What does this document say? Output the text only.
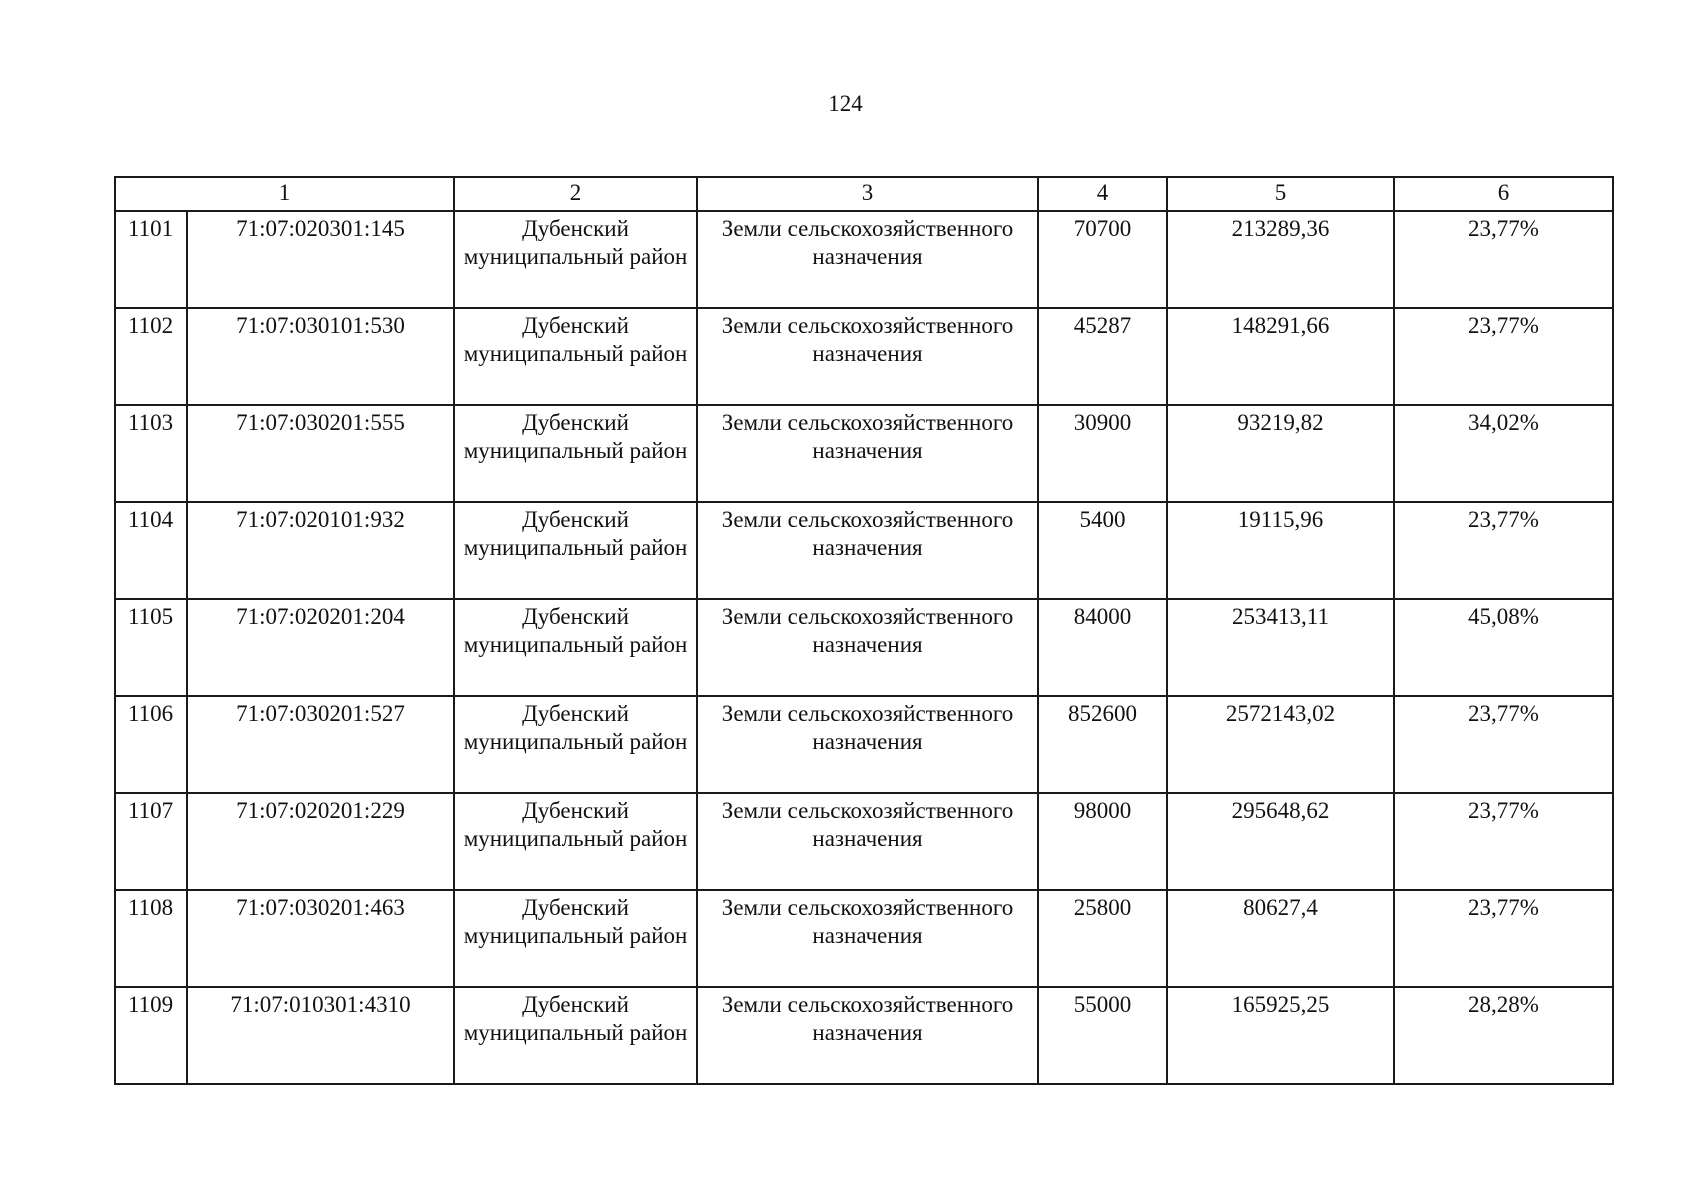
124
1		2	3	4	5	6
1101	71:07:020301:145	Дубенский муниципальный район	Земли сельскохозяйственного назначения	70700	213289,36	23,77%
1102	71:07:030101:530	Дубенский муниципальный район	Земли сельскохозяйственного назначения	45287	148291,66	23,77%
1103	71:07:030201:555	Дубенский муниципальный район	Земли сельскохозяйственного назначения	30900	93219,82	34,02%
1104	71:07:020101:932	Дубенский муниципальный район	Земли сельскохозяйственного назначения	5400	19115,96	23,77%
1105	71:07:020201:204	Дубенский муниципальный район	Земли сельскохозяйственного назначения	84000	253413,11	45,08%
1106	71:07:030201:527	Дубенский муниципальный район	Земли сельскохозяйственного назначения	852600	2572143,02	23,77%
1107	71:07:020201:229	Дубенский муниципальный район	Земли сельскохозяйственного назначения	98000	295648,62	23,77%
1108	71:07:030201:463	Дубенский муниципальный район	Земли сельскохозяйственного назначения	25800	80627,4	23,77%
1109	71:07:010301:4310	Дубенский муниципальный район	Земли сельскохозяйственного назначения	55000	165925,25	28,28%
